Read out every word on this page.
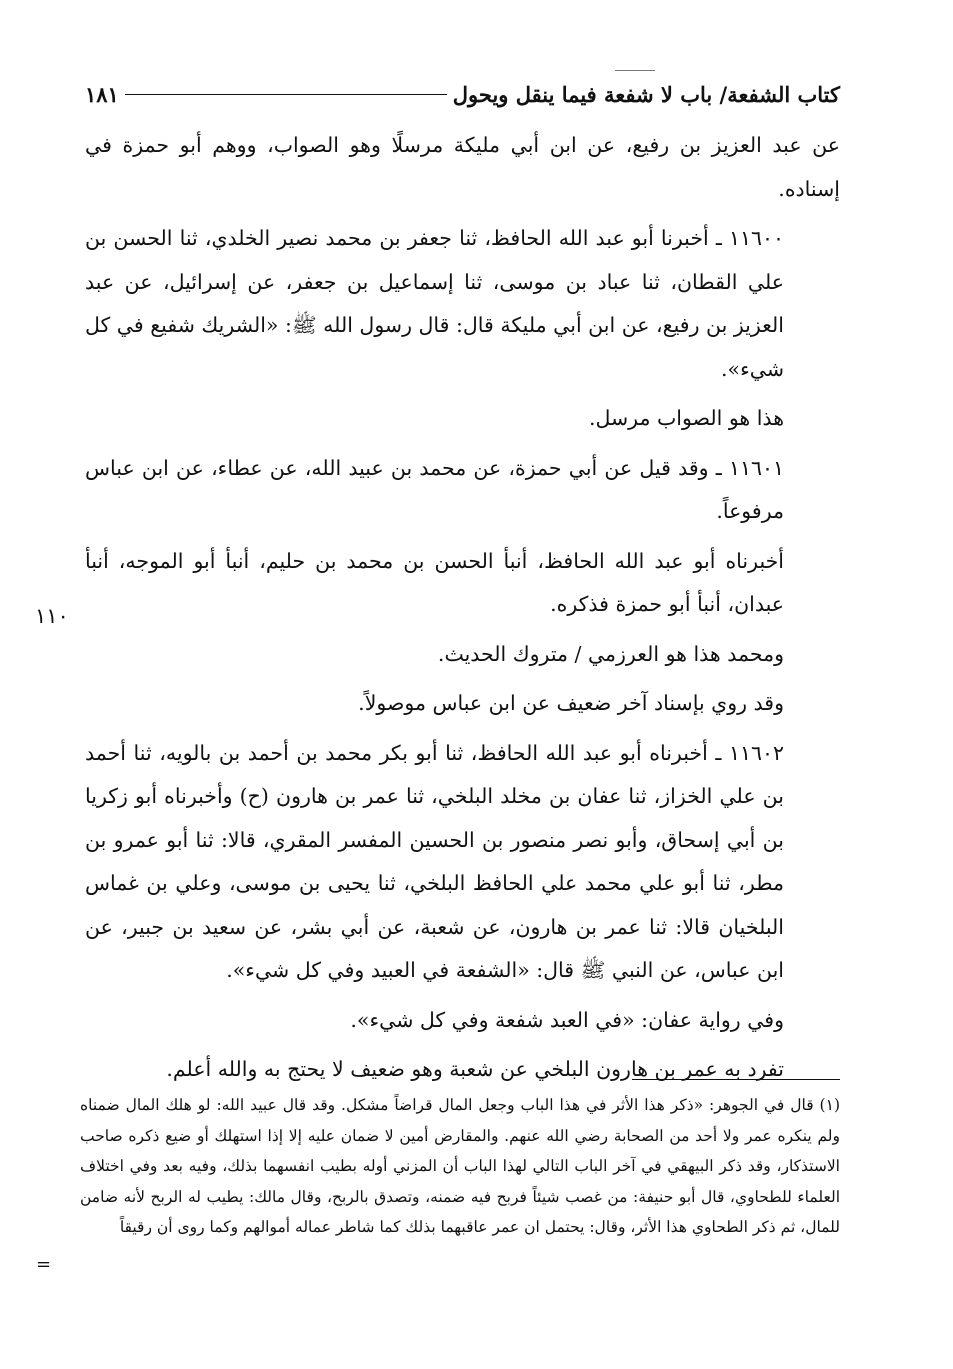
كتاب الشفعة/ باب لا شفعة فيما ينقل ويحول
١٨١
١١٠

عن عبد العزيز بن رفيع، عن ابن أبي مليكة مرسلًا وهو الصواب، ووهم أبو حمزة في إسناده.

١١٦٠٠ ـ أخبرنا أبو عبد الله الحافظ، ثنا جعفر بن محمد نصير الخلدي، ثنا الحسن بن علي القطان، ثنا عباد بن موسى، ثنا إسماعيل بن جعفر، عن إسرائيل، عن عبد العزيز بن رفيع، عن ابن أبي مليكة قال: قال رسول الله ﷺ: «الشريك شفيع في كل شيء».

هذا هو الصواب مرسل.

١١٦٠١ ـ وقد قيل عن أبي حمزة، عن محمد بن عبيد الله، عن عطاء، عن ابن عباس مرفوعاً.

أخبرناه أبو عبد الله الحافظ، أنبأ الحسن بن محمد بن حليم، أنبأ أبو الموجه، أنبأ عبدان، أنبأ أبو حمزة فذكره.

ومحمد هذا هو العرزمي / متروك الحديث.

وقد روي بإسناد آخر ضعيف عن ابن عباس موصولاً.

١١٦٠٢ ـ أخبرناه أبو عبد الله الحافظ، ثنا أبو بكر محمد بن أحمد بن بالويه، ثنا أحمد بن علي الخزاز، ثنا عفان بن مخلد البلخي، ثنا عمر بن هارون (ح) وأخبرناه أبو زكريا بن أبي إسحاق، وأبو نصر منصور بن الحسين المفسر المقري، قالا: ثنا أبو عمرو بن مطر، ثنا أبو علي محمد علي الحافظ البلخي، ثنا يحيى بن موسى، وعلي بن غماس البلخيان قالا: ثنا عمر بن هارون، عن شعبة، عن أبي بشر، عن سعيد بن جبير، عن ابن عباس، عن النبي ﷺ قال: «الشفعة في العبيد وفي كل شيء».

وفي رواية عفان: «في العبد شفعة وفي كل شيء».

تفرد به عمر بن هارون البلخي عن شعبة وهو ضعيف لا يحتج به والله أعلم.

(١) قال في الجوهر: «ذكر هذا الأثر في هذا الباب وجعل المال قراضاً مشكل. وقد قال عبيد الله: لو هلك المال ضمناه ولم ينكره عمر ولا أحد من الصحابة رضي الله عنهم. والمقارض أمين لا ضمان عليه إلا إذا استهلك أو ضيع ذكره صاحب الاستذكار، وقد ذكر البيهقي في آخر الباب التالي لهذا الباب أن المزني أوله بطيب انفسهما بذلك، وفيه بعد وفي اختلاف العلماء للطحاوي، قال أبو حنيفة: من غصب شيئاً فربح فيه ضمنه، وتصدق بالربح، وقال مالك: يطيب له الربح لأنه ضامن للمال، ثم ذكر الطحاوي هذا الأثر، وقال: يحتمل ان عمر عاقبهما بذلك كما شاطر عماله أموالهم وكما روى أن رقيقاً

=
